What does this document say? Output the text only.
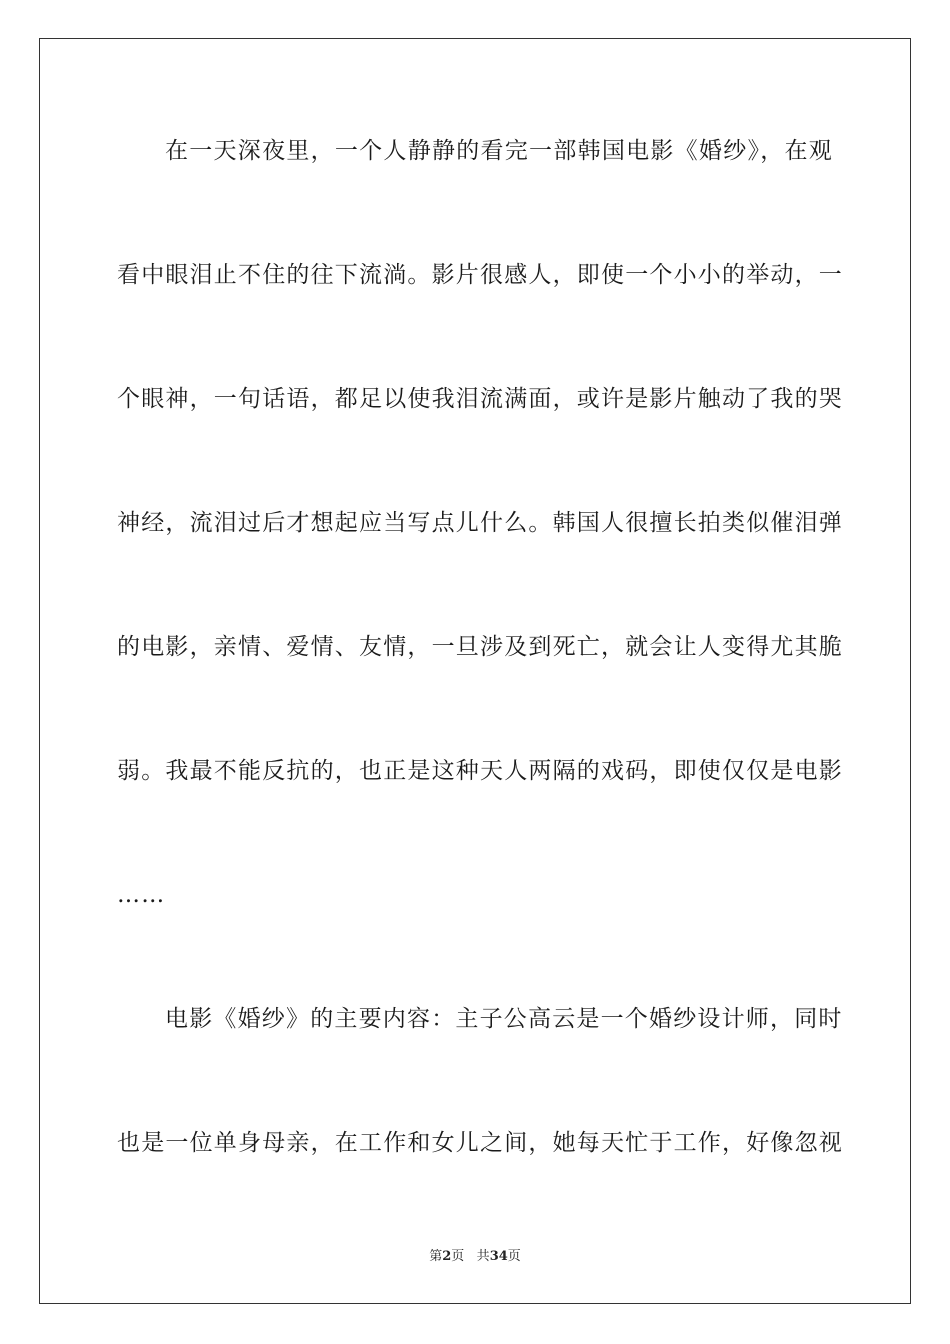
在一天深夜里，一个人静静的看完一部韩国电影《婚纱》，在观
看中眼泪止不住的往下流淌。影片很感人，即使一个小小的举动，一
个眼神，一句话语，都足以使我泪流满面，或许是影片触动了我的哭
神经，流泪过后才想起应当写点儿什么。韩国人很擅长拍类似催泪弹
的电影，亲情、爱情、友情，一旦涉及到死亡，就会让人变得尤其脆
弱。我最不能反抗的，也正是这种天人两隔的戏码，即使仅仅是电影
……
电影《婚纱》的主要内容：主子公高云是一个婚纱设计师，同时
也是一位单身母亲，在工作和女儿之间，她每天忙于工作，好像忽视
第2页 共34页
